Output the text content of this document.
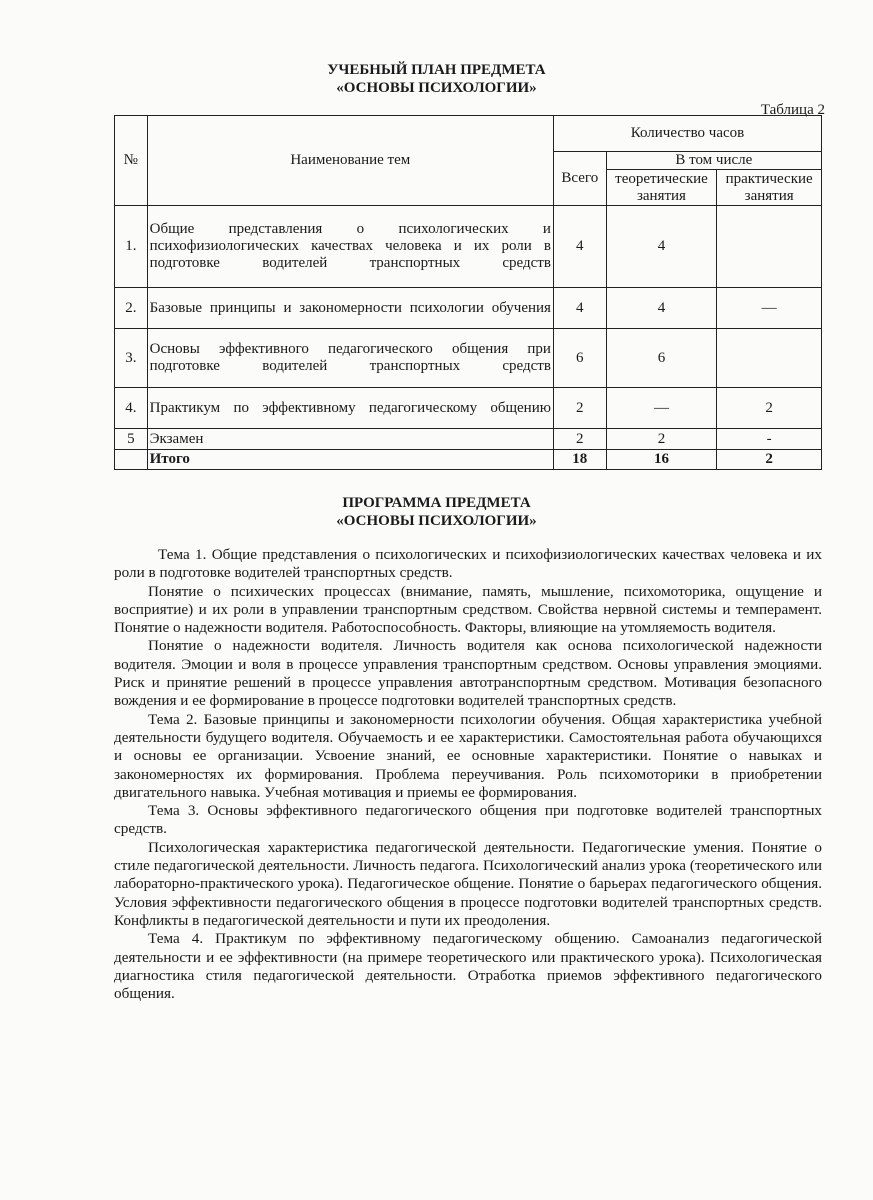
УЧЕБНЫЙ ПЛАН ПРЕДМЕТА
«ОСНОВЫ ПСИХОЛОГИИ»
Таблица 2
№	Наименование тем	Количество часов		
		Всего	В том числе	
			теоретические занятия	практические занятия
1.	Общие представления о психологических и психофизиологических качествах человека и их роли в подготовке водителей транспортных средств	4	4	
2.	Базовые принципы и закономерности психологии обучения	4	4	—
3.	Основы эффективного педагогического общения при подготовке водителей транспортных средств	6	6	
4.	Практикум по эффективному педагогическому общению	2	—	2
5	Экзамен	2	2	-
	Итого	18	16	2
ПРОГРАММА ПРЕДМЕТА
«ОСНОВЫ ПСИХОЛОГИИ»

Тема 1. Общие представления о психологических и психофизиологических качествах человека и их роли в подготовке водителей транспортных средств.

Понятие о психических процессах (внимание, память, мышление, психомоторика, ощущение и восприятие) и их роли в управлении транспортным средством. Свойства нервной системы и темперамент. Понятие о надежности водителя. Работоспособность. Факторы, влияющие на утомляемость водителя.

Понятие о надежности водителя. Личность водителя как основа психологической надежности водителя. Эмоции и воля в процессе управления транспортным средством. Основы управления эмоциями. Риск и принятие решений в процессе управления автотранспортным средством. Мотивация безопасного вождения и ее формирование в процессе подготовки водителей транспортных средств.

Тема 2. Базовые принципы и закономерности психологии обучения. Общая характеристика учебной деятельности будущего водителя. Обучаемость и ее характеристики. Самостоятельная работа обучающихся и основы ее организации. Усвоение знаний, ее основные характеристики. Понятие о навыках и закономерностях их формирования. Проблема переучивания. Роль психомоторики в приобретении двигательного навыка. Учебная мотивация и приемы ее формирования.

Тема 3. Основы эффективного педагогического общения при подготовке водителей транспортных средств.

Психологическая характеристика педагогической деятельности. Педагогические умения. Понятие о стиле педагогической деятельности. Личность педагога. Психологический анализ урока (теоретического или лабораторно-практического урока). Педагогическое общение. Понятие о барьерах педагогического общения. Условия эффективности педагогического общения в процессе подготовки водителей транспортных средств. Конфликты в педагогической деятельности и пути их преодоления.

Тема 4. Практикум по эффективному педагогическому общению. Самоанализ педагогической деятельности и ее эффективности (на примере теоретического или практического урока). Психологическая диагностика стиля педагогической деятельности. Отработка приемов эффективного педагогического общения.
